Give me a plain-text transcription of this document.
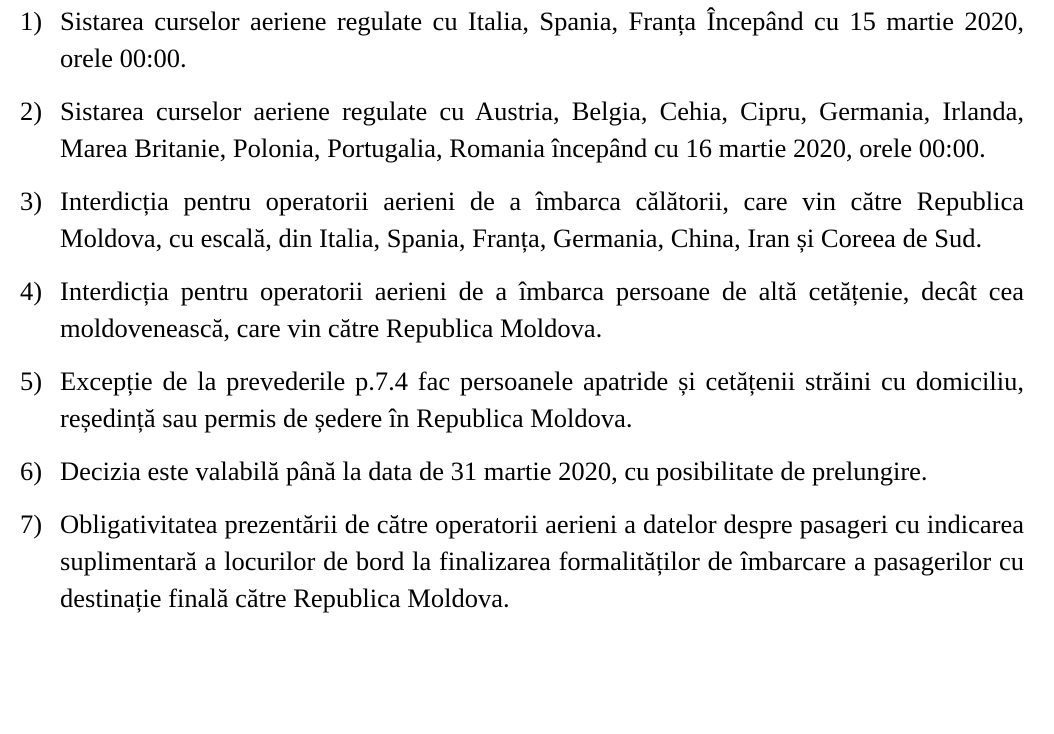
1) Sistarea curselor aeriene regulate cu Italia, Spania, Franța Începând cu 15 martie 2020, orele 00:00.
2) Sistarea curselor aeriene regulate cu Austria, Belgia, Cehia, Cipru, Germania, Irlanda, Marea Britanie, Polonia, Portugalia, Romania începând cu 16 martie 2020, orele 00:00.
3) Interdicția pentru operatorii aerieni de a îmbarca călătorii, care vin către Republica Moldova, cu escală, din Italia, Spania, Franța, Germania, China, Iran și Coreea de Sud.
4) Interdicția pentru operatorii aerieni de a îmbarca persoane de altă cetățenie, decât cea moldovenească, care vin către Republica Moldova.
5) Excepție de la prevederile p.7.4 fac persoanele apatride și cetățenii străini cu domiciliu, reședință sau permis de ședere în Republica Moldova.
6) Decizia este valabilă până la data de 31 martie 2020, cu posibilitate de prelungire.
7) Obligativitatea prezentării de către operatorii aerieni a datelor despre pasageri cu indicarea suplimentară a locurilor de bord la finalizarea formalităților de îmbarcare a pasagerilor cu destinație finală către Republica Moldova.
